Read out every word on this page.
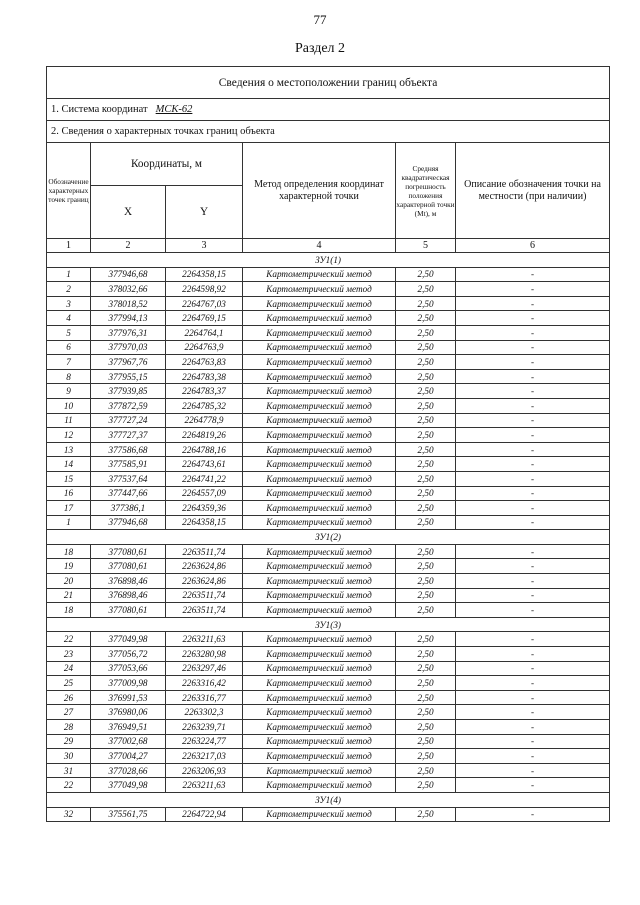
77
Раздел 2
Сведения о местоположении границ объекта					
1. Система координат МСК-62					
2. Сведения о характерных точках границ объекта					
Обозначение характерных точек границ	Координаты, м		Метод определения координат характерной точки	Средняя квадратическая погрешность положения характерной точки (Mt), м	Описание обозначения точки на местности (при наличии)
	X	Y			
1	2	3	4	5	6
ЗУ1(1)					
1	377946,68	2264358,15	Картометрический метод	2,50	-
2	378032,66	2264598,92	Картометрический метод	2,50	-
3	378018,52	2264767,03	Картометрический метод	2,50	-
4	377994,13	2264769,15	Картометрический метод	2,50	-
5	377976,31	2264764,1	Картометрический метод	2,50	-
6	377970,03	2264763,9	Картометрический метод	2,50	-
7	377967,76	2264763,83	Картометрический метод	2,50	-
8	377955,15	2264783,38	Картометрический метод	2,50	-
9	377939,85	2264783,37	Картометрический метод	2,50	-
10	377872,59	2264785,32	Картометрический метод	2,50	-
11	377727,24	2264778,9	Картометрический метод	2,50	-
12	377727,37	2264819,26	Картометрический метод	2,50	-
13	377586,68	2264788,16	Картометрический метод	2,50	-
14	377585,91	2264743,61	Картометрический метод	2,50	-
15	377537,64	2264741,22	Картометрический метод	2,50	-
16	377447,66	2264557,09	Картометрический метод	2,50	-
17	377386,1	2264359,36	Картометрический метод	2,50	-
1	377946,68	2264358,15	Картометрический метод	2,50	-
ЗУ1(2)					
18	377080,61	2263511,74	Картометрический метод	2,50	-
19	377080,61	2263624,86	Картометрический метод	2,50	-
20	376898,46	2263624,86	Картометрический метод	2,50	-
21	376898,46	2263511,74	Картометрический метод	2,50	-
18	377080,61	2263511,74	Картометрический метод	2,50	-
ЗУ1(3)					
22	377049,98	2263211,63	Картометрический метод	2,50	-
23	377056,72	2263280,98	Картометрический метод	2,50	-
24	377053,66	2263297,46	Картометрический метод	2,50	-
25	377009,98	2263316,42	Картометрический метод	2,50	-
26	376991,53	2263316,77	Картометрический метод	2,50	-
27	376980,06	2263302,3	Картометрический метод	2,50	-
28	376949,51	2263239,71	Картометрический метод	2,50	-
29	377002,68	2263224,77	Картометрический метод	2,50	-
30	377004,27	2263217,03	Картометрический метод	2,50	-
31	377028,66	2263206,93	Картометрический метод	2,50	-
22	377049,98	2263211,63	Картометрический метод	2,50	-
ЗУ1(4)					
32	375561,75	2264722,94	Картометрический метод	2,50	-
